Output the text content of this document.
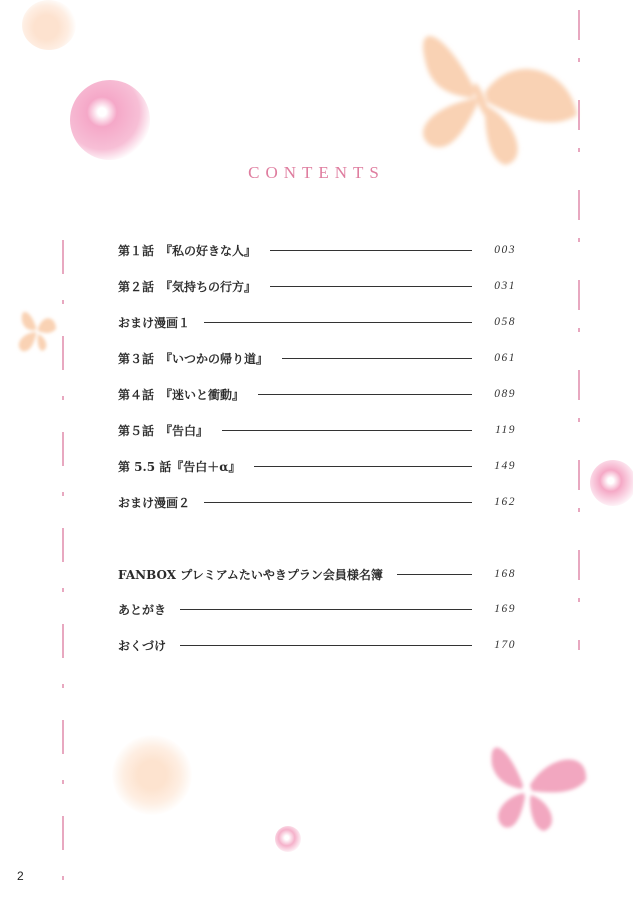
CONTENTS
第１話　『私の好きな人』	003
第２話　『気持ちの行方』	031
おまけ漫画１	058
第３話　『いつかの帰り道』	061
第４話　『迷いと衝動』	089
第５話　『告白』	119
第 5.5 話『告白＋α』	149
おまけ漫画２	162
FANBOX プレミアムたいやきプラン会員様名簿	168
あとがき	169
おくづけ	170
2
